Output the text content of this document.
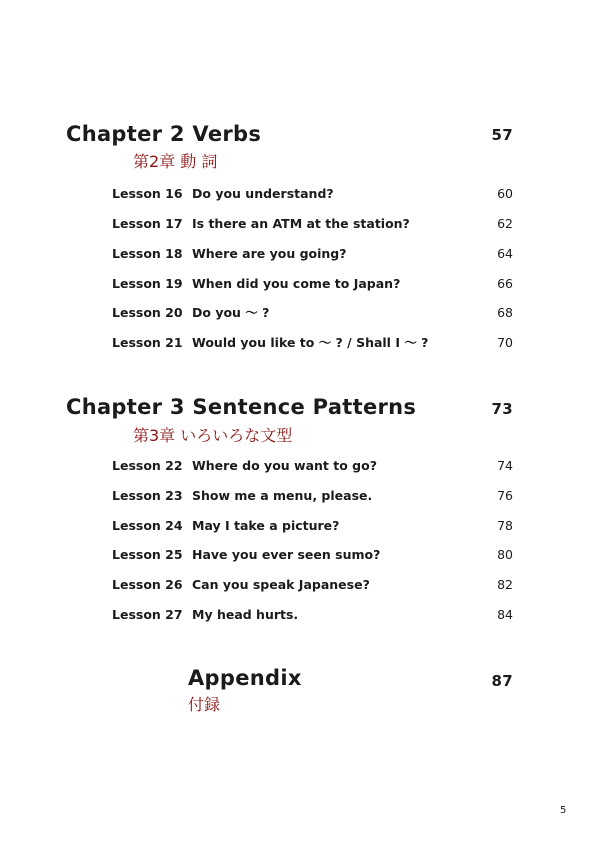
Chapter 2 Verbs	57
第2章 動 詞
Lesson 16 Do you understand?	60
Lesson 17 Is there an ATM at the station?	62
Lesson 18 Where are you going?	64
Lesson 19 When did you come to Japan?	66
Lesson 20 Do you ～ ?	68
Lesson 21 Would you like to ～ ? / Shall I ～ ?	70
Chapter 3 Sentence Patterns	73
第3章 いろいろな文型
Lesson 22 Where do you want to go?	74
Lesson 23 Show me a menu, please.	76
Lesson 24 May I take a picture?	78
Lesson 25 Have you ever seen sumo?	80
Lesson 26 Can you speak Japanese?	82
Lesson 27 My head hurts.	84
Appendix	87
付録
5
